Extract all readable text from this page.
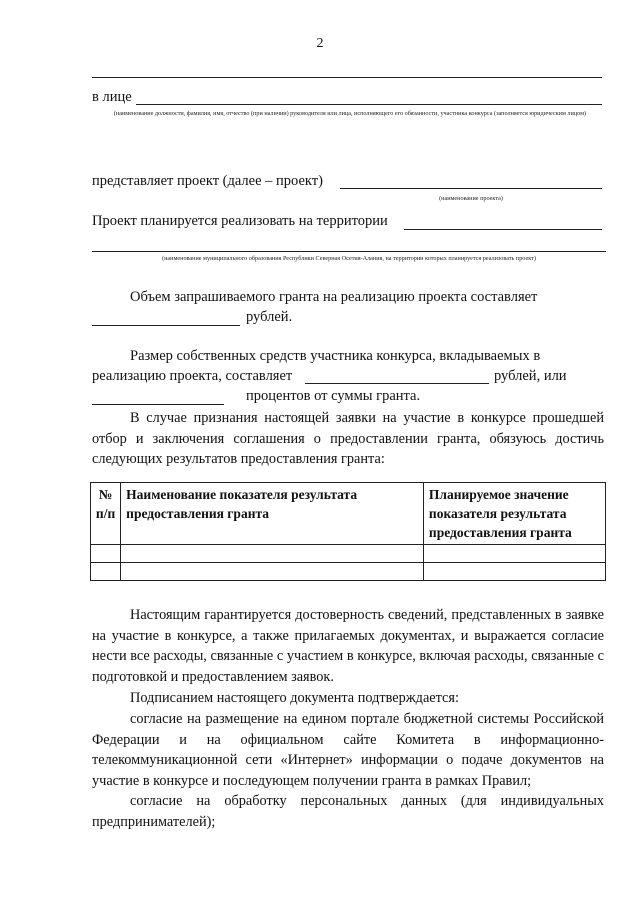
2
в лице
(наименование должности, фамилия, имя, отчество (при наличии) руководителя или лица, исполняющего его обязанности, участника конкурса (заполняется юридическим лицом)
представляет проект (далее – проект)
(наименование проекта)
Проект планируется реализовать на территории
(наименование муниципального образования Республики Северная Осетия-Алания, на территории которых планируется реализовать проект)
Объем запрашиваемого гранта на реализацию проекта составляет
рублей.
Размер собственных средств участника конкурса, вкладываемых в
реализацию проекта, составляет	рублей, или
процентов от суммы гранта.
В случае признания настоящей заявки на участие в конкурсе прошедшей отбор и заключения соглашения о предоставлении гранта, обязуюсь достичь следующих результатов предоставления гранта:
№ п/п	Наименование показателя результата предоставления гранта	Планируемое значение показателя результата предоставления гранта

Настоящим гарантируется достоверность сведений, представленных в заявке на участие в конкурсе, а также прилагаемых документах, и выражается согласие нести все расходы, связанные с участием в конкурсе, включая расходы, связанные с подготовкой и предоставлением заявок.
Подписанием настоящего документа подтверждается:
согласие на размещение на едином портале бюджетной системы Российской Федерации и на официальном сайте Комитета в информационно-телекоммуникационной сети «Интернет» информации о подаче документов на участие в конкурсе и последующем получении гранта в рамках Правил;
согласие на обработку персональных данных (для индивидуальных предпринимателей);
